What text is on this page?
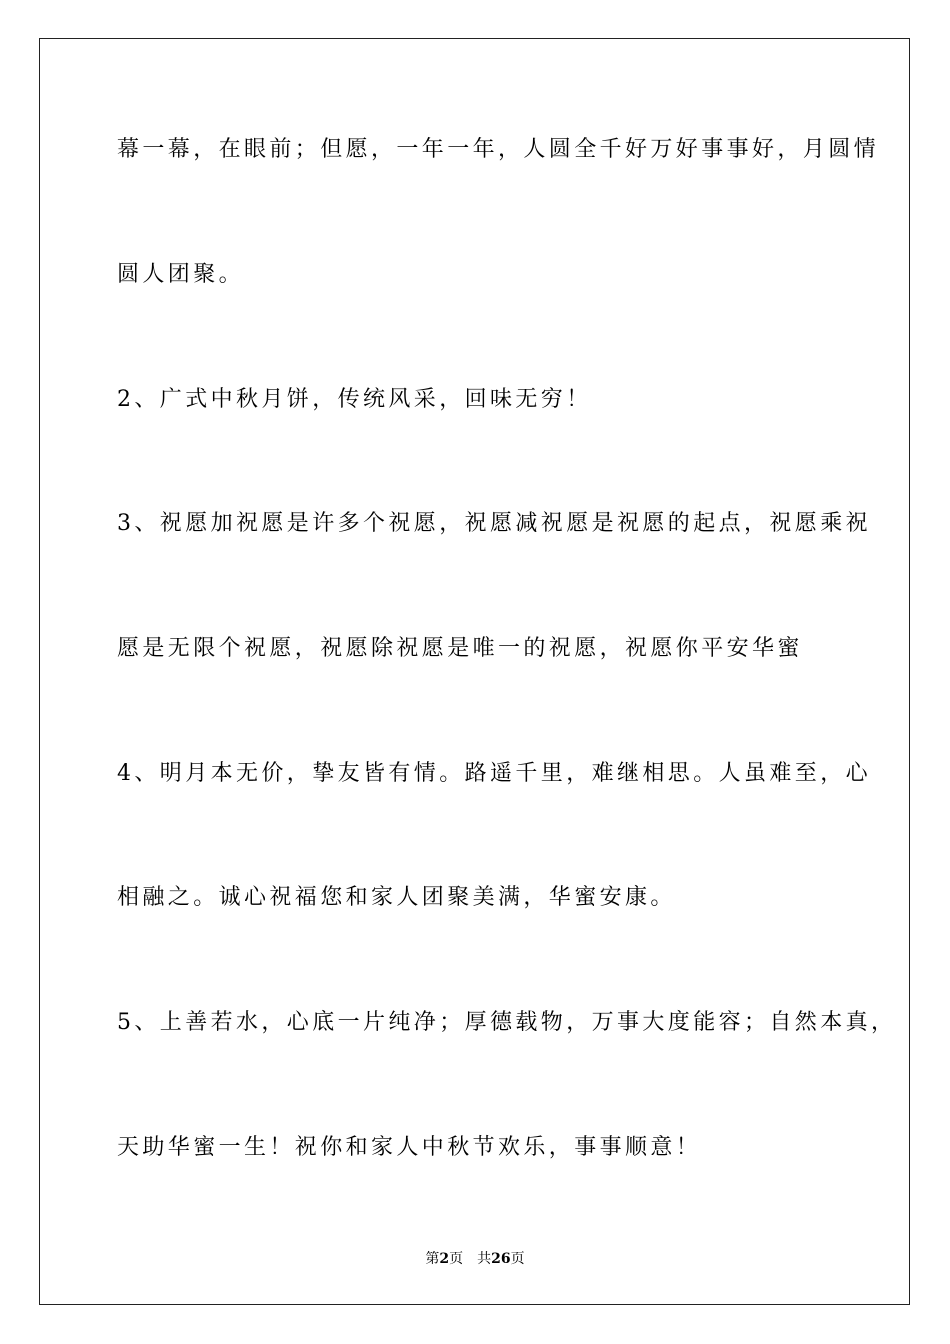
幕一幕，在眼前；但愿，一年一年，人圆全千好万好事事好，月圆情
圆人团聚。
2、广式中秋月饼，传统风采，回味无穷！
3、祝愿加祝愿是许多个祝愿，祝愿减祝愿是祝愿的起点，祝愿乘祝
愿是无限个祝愿，祝愿除祝愿是唯一的祝愿，祝愿你平安华蜜
4、明月本无价，挚友皆有情。路遥千里，难继相思。人虽难至，心
相融之。诚心祝福您和家人团聚美满，华蜜安康。
5、上善若水，心底一片纯净；厚德载物，万事大度能容；自然本真，
天助华蜜一生！祝你和家人中秋节欢乐，事事顺意！
第2页 共26页
